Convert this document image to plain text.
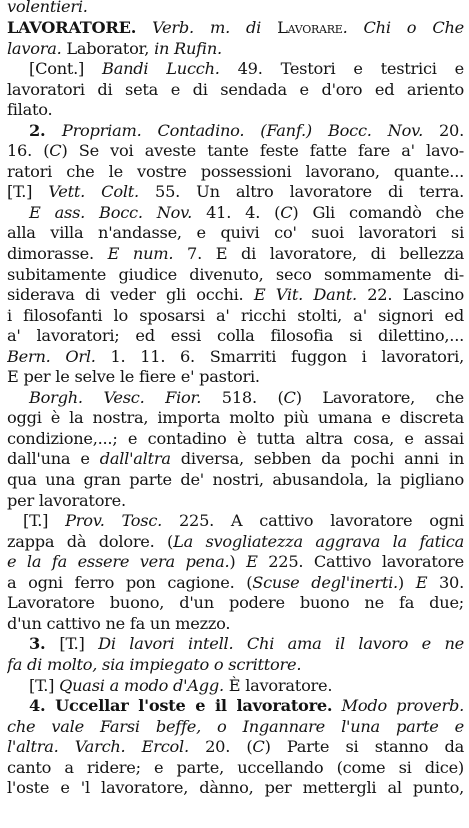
volentieri.
LAVORATORE. Verb. m. di Lavorare. Chi o Che
lavora. Laborator, in Rufin.
[Cont.] Bandi Lucch. 49. Testori e testrici e
lavoratori di seta e di sendada e d'oro ed ariento
filato.
2. Propriam. Contadino. (Fanf.) Bocc. Nov. 20.
16. (C) Se voi aveste tante feste fatte fare a' lavo-
ratori che le vostre possessioni lavorano, quante...
[T.] Vett. Colt. 55. Un altro lavoratore di terra.
E ass. Bocc. Nov. 41. 4. (C) Gli comandò che
alla villa n'andasse, e quivi co' suoi lavoratori si
dimorasse. E num. 7. E di lavoratore, di bellezza
subitamente giudice divenuto, seco sommamente di-
siderava di veder gli occhi. E Vit. Dant. 22. Lascino
i filosofanti lo sposarsi a' ricchi stolti, a' signori ed
a' lavoratori; ed essi colla filosofia si dilettino,...
Bern. Orl. 1. 11. 6. Smarriti fuggon i lavoratori,
E per le selve le fiere e' pastori.
Borgh. Vesc. Fior. 518. (C) Lavoratore, che
oggi è la nostra, importa molto più umana e discreta
condizione,...; e contadino è tutta altra cosa, e assai
dall'una e dall'altra diversa, sebben da pochi anni in
qua una gran parte de' nostri, abusandola, la pigliano
per lavoratore.
[T.] Prov. Tosc. 225. A cattivo lavoratore ogni
zappa dà dolore. (La svogliatezza aggrava la fatica
e la fa essere vera pena.) E 225. Cattivo lavoratore
a ogni ferro pon cagione. (Scuse degl'inerti.) E 30.
Lavoratore buono, d'un podere buono ne fa due;
d'un cattivo ne fa un mezzo.
3. [T.] Di lavori intell. Chi ama il lavoro e ne
fa di molto, sia impiegato o scrittore.
[T.] Quasi a modo d'Agg. È lavoratore.
4. Uccellar l'oste e il lavoratore. Modo proverb.
che vale Farsi beffe, o Ingannare l'una parte e
l'altra. Varch. Ercol. 20. (C) Parte si stanno da
canto a ridere; e parte, uccellando (come si dice)
l'oste e 'l lavoratore, dànno, per mettergli al punto,
